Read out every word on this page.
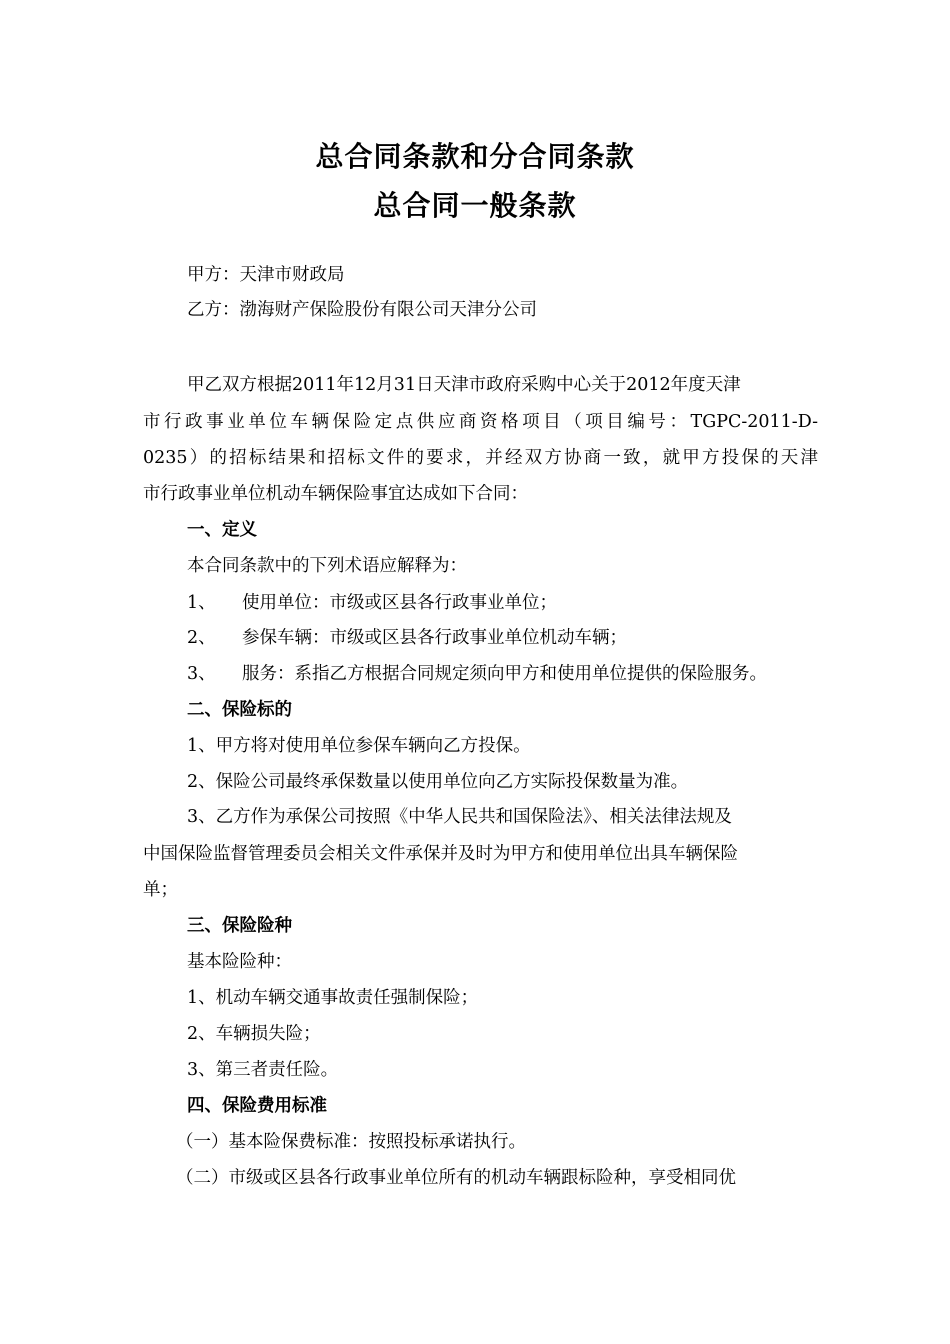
总合同条款和分合同条款
总合同一般条款
甲方：天津市财政局
乙方：渤海财产保险股份有限公司天津分公司
甲乙双方根据2011年12月31日天津市政府采购中心关于2012年度天津
市行政事业单位车辆保险定点供应商资格项目（项目编号：TGPC-2011-D-
0235）的招标结果和招标文件的要求，并经双方协商一致，就甲方投保的天津
市行政事业单位机动车辆保险事宜达成如下合同：
一、定义
本合同条款中的下列术语应解释为：
1、 使用单位：市级或区县各行政事业单位；
2、 参保车辆：市级或区县各行政事业单位机动车辆；
3、 服务：系指乙方根据合同规定须向甲方和使用单位提供的保险服务。
二、保险标的
1、甲方将对使用单位参保车辆向乙方投保。
2、保险公司最终承保数量以使用单位向乙方实际投保数量为准。
3、乙方作为承保公司按照《中华人民共和国保险法》、相关法律法规及
中国保险监督管理委员会相关文件承保并及时为甲方和使用单位出具车辆保险
单；
三、保险险种
基本险险种：
1、机动车辆交通事故责任强制保险；
2、车辆损失险；
3、第三者责任险。
四、保险费用标准
（一）基本险保费标准：按照投标承诺执行。
（二）市级或区县各行政事业单位所有的机动车辆跟标险种，享受相同优
